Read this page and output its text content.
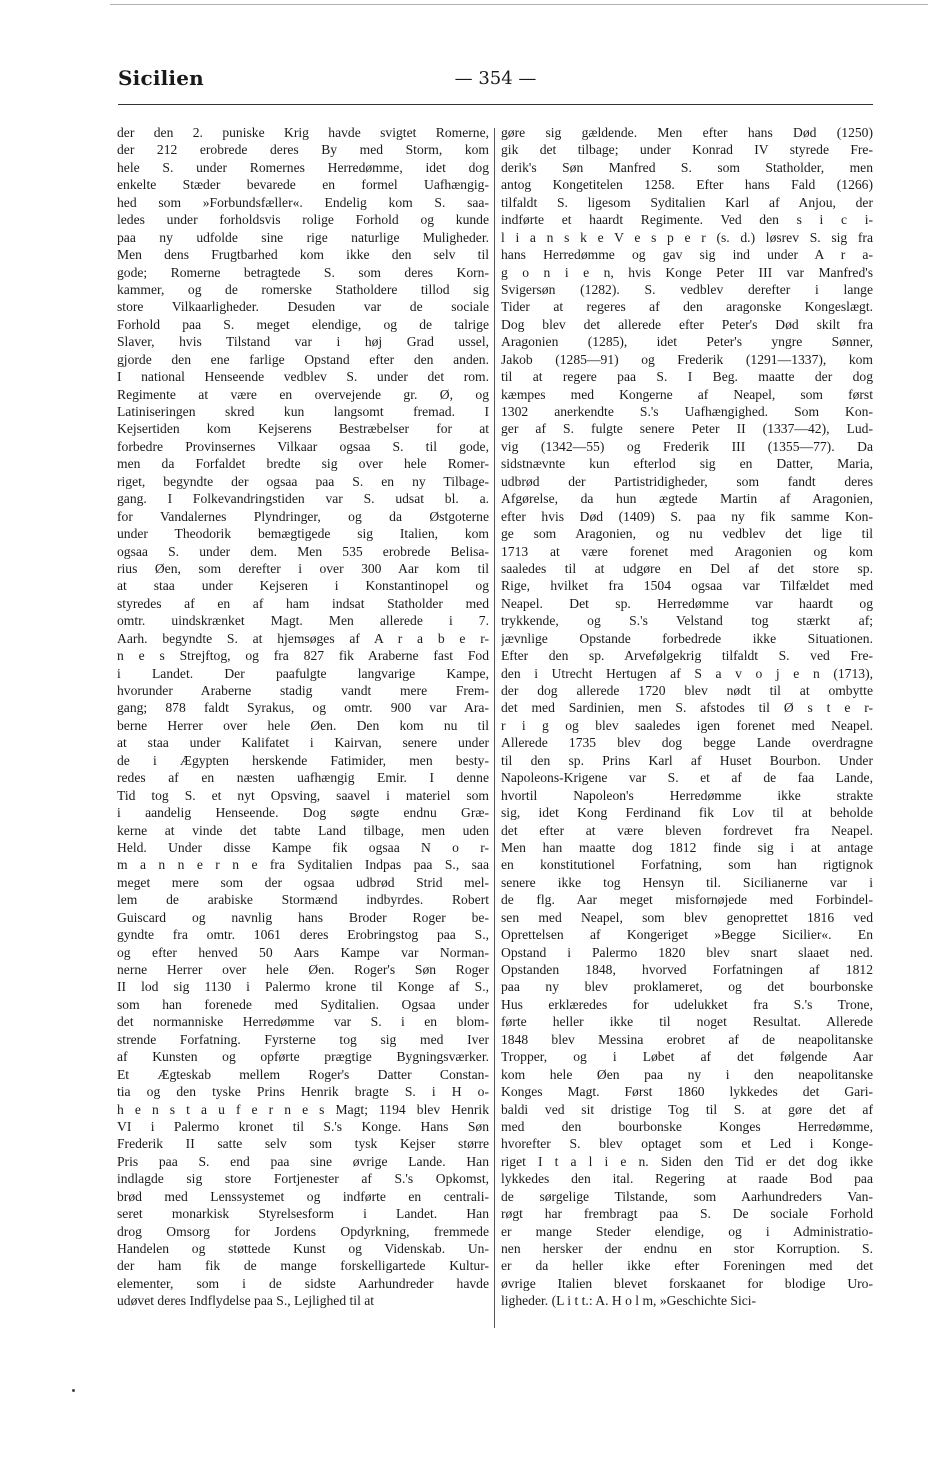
Sicilien	— 354 —
der den 2. puniske Krig havde svigtet Romerne,
der 212 erobrede deres By med Storm, kom
hele S. under Romernes Herredømme, idet dog
enkelte Stæder bevarede en formel Uafhængig-
hed som »Forbundsfæller«. Endelig kom S. saa-
ledes under forholdsvis rolige Forhold og kunde
paa ny udfolde sine rige naturlige Muligheder.
Men dens Frugtbarhed kom ikke den selv til
gode; Romerne betragtede S. som deres Korn-
kammer, og de romerske Statholdere tillod sig
store Vilkaarligheder. Desuden var de sociale
Forhold paa S. meget elendige, og de talrige
Slaver, hvis Tilstand var i høj Grad ussel,
gjorde den ene farlige Opstand efter den anden.
I national Henseende vedblev S. under det rom.
Regimente at være en overvejende gr. Ø, og
Latiniseringen skred kun langsomt fremad. I
Kejsertiden kom Kejserens Bestræbelser for at
forbedre Provinsernes Vilkaar ogsaa S. til gode,
men da Forfaldet bredte sig over hele Romer-
riget, begyndte der ogsaa paa S. en ny Tilbage-
gang. I Folkevandringstiden var S. udsat bl. a.
for Vandalernes Plyndringer, og da Østgoterne
under Theodorik bemægtigede sig Italien, kom
ogsaa S. under dem. Men 535 erobrede Belisa-
rius Øen, som derefter i over 300 Aar kom til
at staa under Kejseren i Konstantinopel og
styredes af en af ham indsat Statholder med
omtr. uindskrænket Magt. Men allerede i 7.
Aarh. begyndte S. at hjemsøges af A r a b e r-
n e s Strejftog, og fra 827 fik Araberne fast Fod
i Landet. Der paafulgte langvarige Kampe,
hvorunder Araberne stadig vandt mere Frem-
gang; 878 faldt Syrakus, og omtr. 900 var Ara-
berne Herrer over hele Øen. Den kom nu til
at staa under Kalifatet i Kairvan, senere under
de i Ægypten herskende Fatimider, men besty-
redes af en næsten uafhængig Emir. I denne
Tid tog S. et nyt Opsving, saavel i materiel som
i aandelig Henseende. Dog søgte endnu Græ-
kerne at vinde det tabte Land tilbage, men uden
Held. Under disse Kampe fik ogsaa N o r-
m a n n e r n e fra Syditalien Indpas paa S., saa
meget mere som der ogsaa udbrød Strid mel-
lem de arabiske Stormænd indbyrdes. Robert
Guiscard og navnlig hans Broder Roger be-
gyndte fra omtr. 1061 deres Erobringstog paa S.,
og efter henved 50 Aars Kampe var Norman-
nerne Herrer over hele Øen. Roger's Søn Roger
II lod sig 1130 i Palermo krone til Konge af S.,
som han forenede med Syditalien. Ogsaa under
det normanniske Herredømme var S. i en blom-
strende Forfatning. Fyrsterne tog sig med Iver
af Kunsten og opførte prægtige Bygningsværker.
Et Ægteskab mellem Roger's Datter Constan-
tia og den tyske Prins Henrik bragte S. i H o-
h e n s t a u f e r n e s Magt; 1194 blev Henrik
VI i Palermo kronet til S.'s Konge. Hans Søn
Frederik II satte selv som tysk Kejser større
Pris paa S. end paa sine øvrige Lande. Han
indlagde sig store Fortjenester af S.'s Opkomst,
brød med Lenssystemet og indførte en centrali-
seret monarkisk Styrelsesform i Landet. Han
drog Omsorg for Jordens Opdyrkning, fremmede
Handelen og støttede Kunst og Videnskab. Un-
der ham fik de mange forskelligartede Kultur-
elementer, som i de sidste Aarhundreder havde
udøvet deres Indflydelse paa S., Lejlighed til at
gøre sig gældende. Men efter hans Død (1250)
gik det tilbage; under Konrad IV styrede Fre-
derik's Søn Manfred S. som Statholder, men
antog Kongetitelen 1258. Efter hans Fald (1266)
tilfaldt S. ligesom Syditalien Karl af Anjou, der
indførte et haardt Regimente. Ved den s i c i-
l i a n s k e V e s p e r (s. d.) løsrev S. sig fra
hans Herredømme og gav sig ind under A r a-
g o n i e n, hvis Konge Peter III var Manfred's
Svigersøn (1282). S. vedblev derefter i lange
Tider at regeres af den aragonske Kongeslægt.
Dog blev det allerede efter Peter's Død skilt fra
Aragonien (1285), idet Peter's yngre Sønner,
Jakob (1285—91) og Frederik (1291—1337), kom
til at regere paa S. I Beg. maatte der dog
kæmpes med Kongerne af Neapel, som først
1302 anerkendte S.'s Uafhængighed. Som Kon-
ger af S. fulgte senere Peter II (1337—42), Lud-
vig (1342—55) og Frederik III (1355—77). Da
sidstnævnte kun efterlod sig en Datter, Maria,
udbrød der Partistridigheder, som fandt deres
Afgørelse, da hun ægtede Martin af Aragonien,
efter hvis Død (1409) S. paa ny fik samme Kon-
ge som Aragonien, og nu vedblev det lige til
1713 at være forenet med Aragonien og kom
saaledes til at udgøre en Del af det store sp.
Rige, hvilket fra 1504 ogsaa var Tilfældet med
Neapel. Det sp. Herredømme var haardt og
trykkende, og S.'s Velstand tog stærkt af;
jævnlige Opstande forbedrede ikke Situationen.
Efter den sp. Arvefølgekrig tilfaldt S. ved Fre-
den i Utrecht Hertugen af S a v o j e n (1713),
der dog allerede 1720 blev nødt til at ombytte
det med Sardinien, men S. afstodes til Ø s t e r-
r i g og blev saaledes igen forenet med Neapel.
Allerede 1735 blev dog begge Lande overdragne
til den sp. Prins Karl af Huset Bourbon. Under
Napoleons-Krigene var S. et af de faa Lande,
hvortil Napoleon's Herredømme ikke strakte
sig, idet Kong Ferdinand fik Lov til at beholde
det efter at være bleven fordrevet fra Neapel.
Men han maatte dog 1812 finde sig i at antage
en konstitutionel Forfatning, som han rigtignok
senere ikke tog Hensyn til. Sicilianerne var i
de flg. Aar meget misfornøjede med Forbindel-
sen med Neapel, som blev genoprettet 1816 ved
Oprettelsen af Kongeriget »Begge Sicilier«. En
Opstand i Palermo 1820 blev snart slaaet ned.
Opstanden 1848, hvorved Forfatningen af 1812
paa ny blev proklameret, og det bourbonske
Hus erklæredes for udelukket fra S.'s Trone,
førte heller ikke til noget Resultat. Allerede
1848 blev Messina erobret af de neapolitanske
Tropper, og i Løbet af det følgende Aar
kom hele Øen paa ny i den neapolitanske
Konges Magt. Først 1860 lykkedes det Gari-
baldi ved sit dristige Tog til S. at gøre det af
med den bourbonske Konges Herredømme,
hvorefter S. blev optaget som et Led i Konge-
riget I t a l i e n. Siden den Tid er det dog ikke
lykkedes den ital. Regering at raade Bod paa
de sørgelige Tilstande, som Aarhundreders Van-
røgt har frembragt paa S. De sociale Forhold
er mange Steder elendige, og i Administratio-
nen hersker der endnu en stor Korruption. S.
er da heller ikke efter Foreningen med det
øvrige Italien blevet forskaanet for blodige Uro-
ligheder. (L i t t.: A. H o l m, »Geschichte Sici-
